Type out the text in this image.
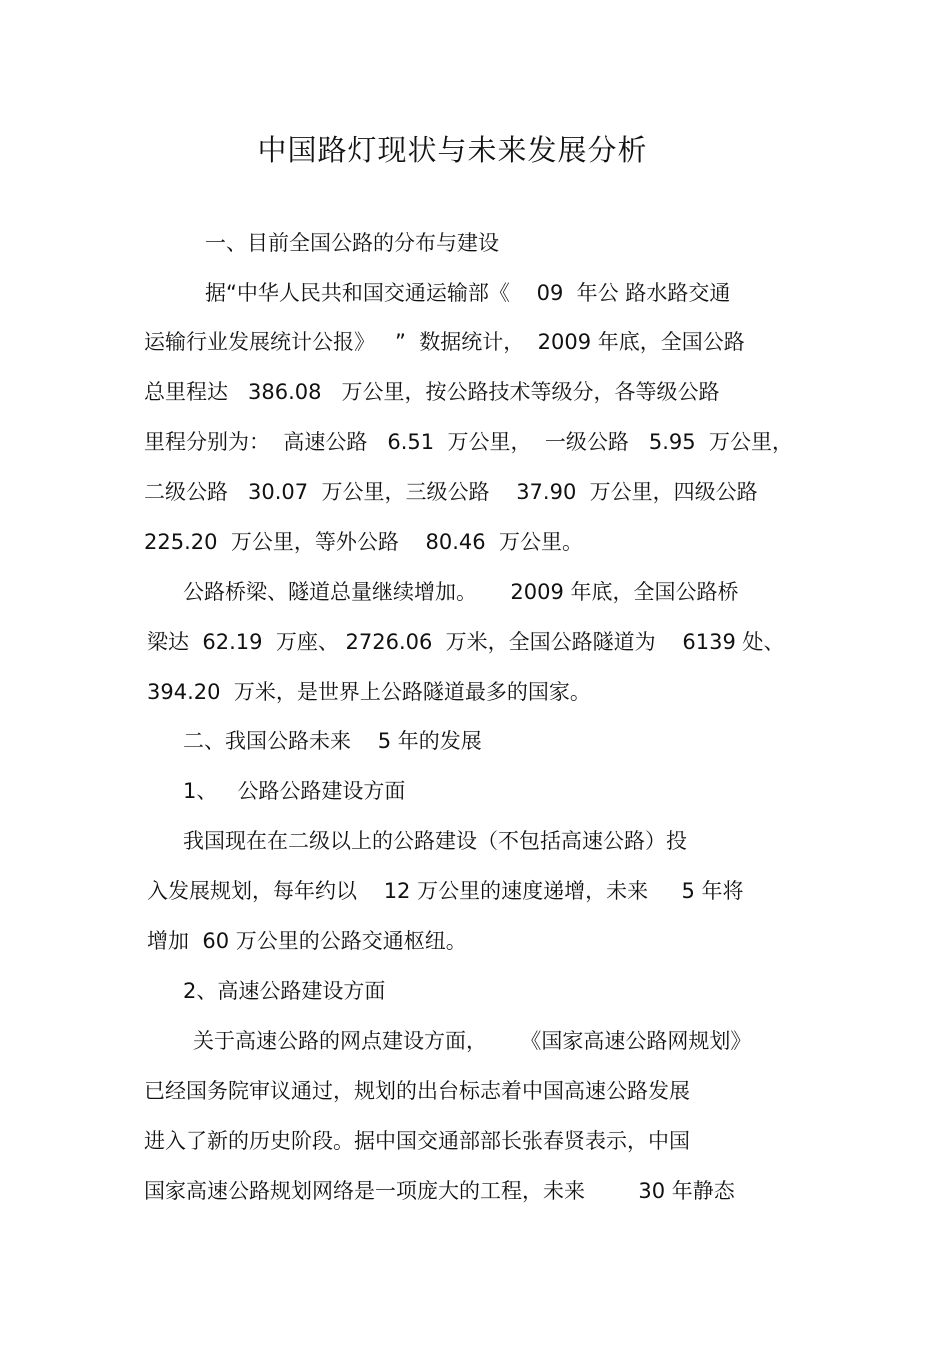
中国路灯现状与未来发展分析

一、目前全国公路的分布与建设

据“中华人民共和国交通运输部《    09  年公 路水路交通

运输行业发展统计公报》   ”  数据统计，  2009 年底，全国公路

总里程达   386.08   万公里，按公路技术等级分，各等级公路

里程分别为：  高速公路   6.51  万公里，  一级公路   5.95  万公里，

二级公路   30.07  万公里，三级公路    37.90  万公里，四级公路

225.20  万公里，等外公路    80.46  万公里。

公路桥梁、隧道总量继续增加。     2009 年底，全国公路桥

梁达  62.19  万座、 2726.06  万米，全国公路隧道为    6139 处、

394.20  万米，是世界上公路隧道最多的国家。

二、我国公路未来    5 年的发展

1、   公路公路建设方面

我国现在在二级以上的公路建设（不包括高速公路）投

入发展规划，每年约以    12 万公里的速度递增，未来     5 年将

增加  60 万公里的公路交通枢纽。

2、高速公路建设方面

关于高速公路的网点建设方面，     《国家高速公路网规划》

已经国务院审议通过，规划的出台标志着中国高速公路发展

进入了新的历史阶段。据中国交通部部长张春贤表示，中国

国家高速公路规划网络是一项庞大的工程，未来        30 年静态
